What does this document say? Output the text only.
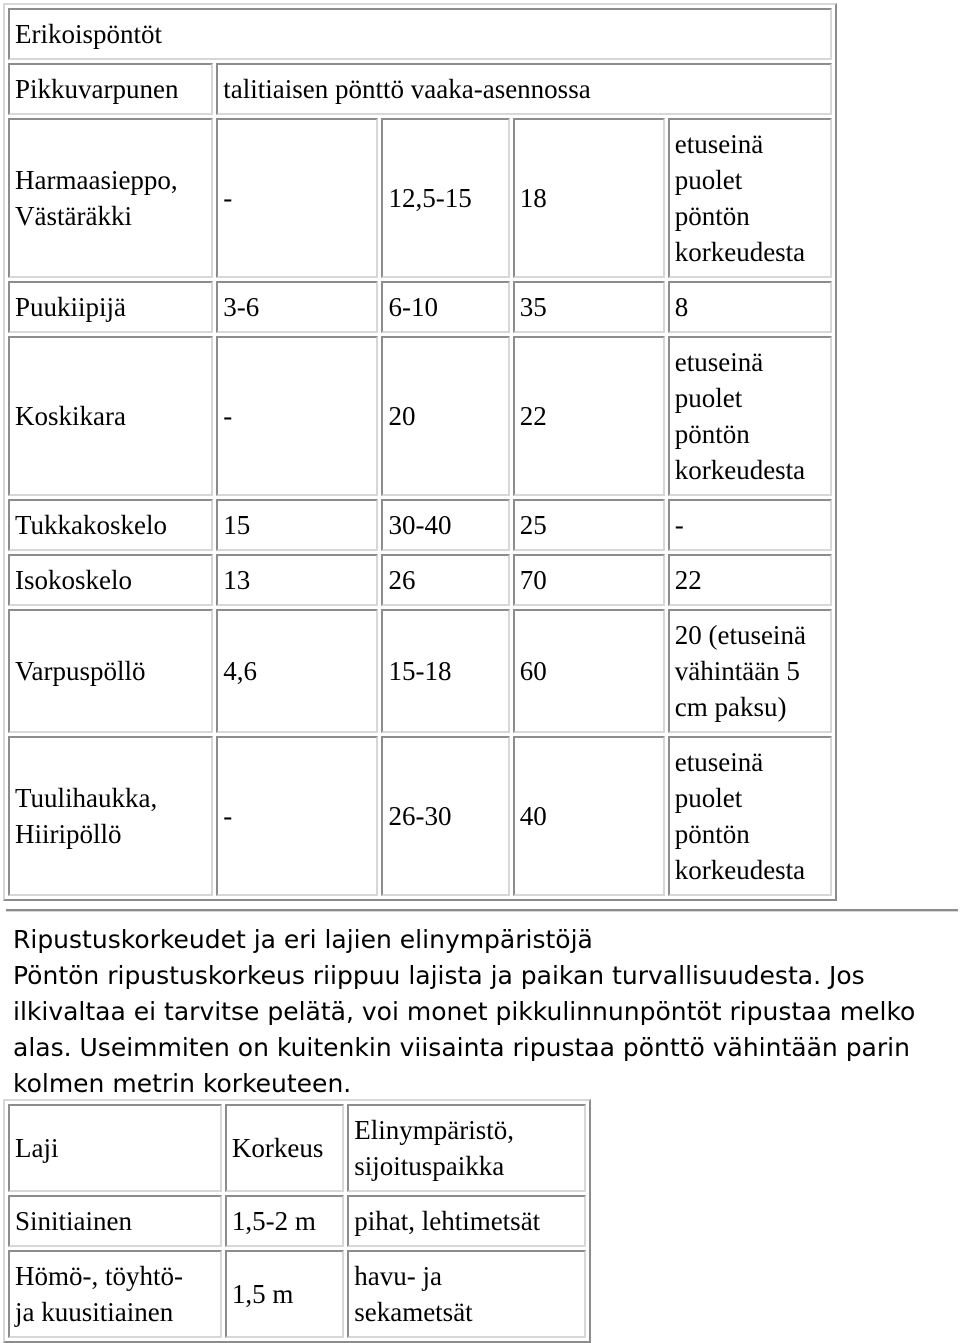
Erikoispöntöt				
Pikkuvarpunen	talitiaisen pönttö vaaka-asennossa			
Harmaasieppo,
Västäräkki	-	12,5-15	18	etuseinä
puolet
pöntön
korkeudesta
Puukiipijä	3-6	6-10	35	8
Koskikara	-	20	22	etuseinä
puolet
pöntön
korkeudesta
Tukkakoskelo	15	30-40	25	-
Isokoskelo	13	26	70	22
Varpuspöllö	4,6	15-18	60	20 (etuseinä
vähintään 5
cm paksu)
Tuulihaukka,
Hiiripöllö	-	26-30	40	etuseinä
puolet
pöntön
korkeudesta
Ripustuskorkeudet ja eri lajien elinympäristöjä
Pöntön ripustuskorkeus riippuu lajista ja paikan turvallisuudesta. Jos
ilkivaltaa ei tarvitse pelätä, voi monet pikkulinnunpöntöt ripustaa melko
alas. Useimmiten on kuitenkin viisainta ripustaa pönttö vähintään parin
kolmen metrin korkeuteen.
Laji	Korkeus	Elinympäristö,
sijoituspaikka
Sinitiainen	1,5-2 m	pihat, lehtimetsät
Hömö-, töyhtö-
ja kuusitiainen	1,5 m	havu- ja
sekametsät
